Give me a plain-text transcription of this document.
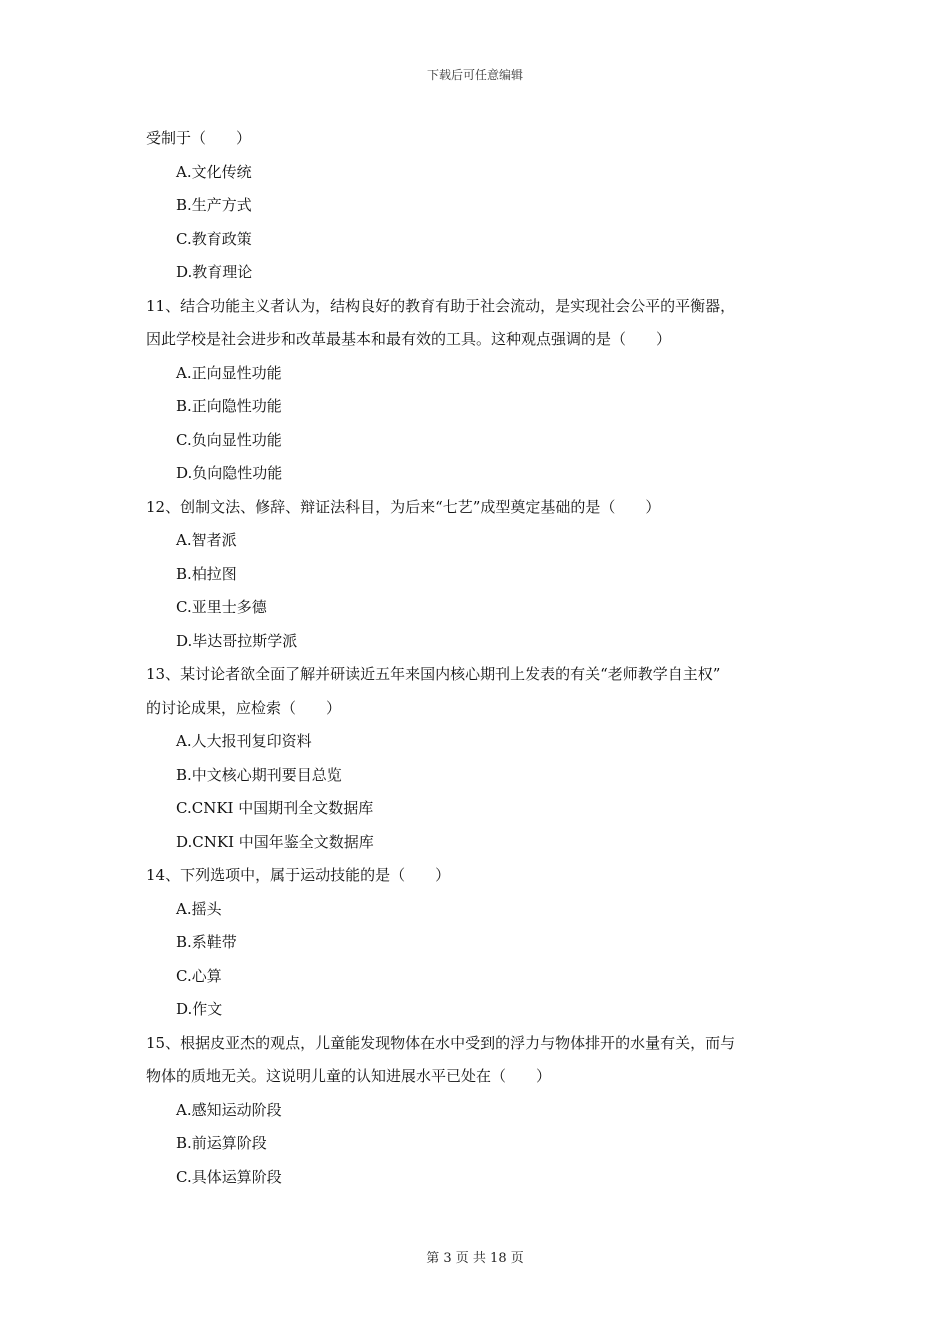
下载后可任意编辑
受制于（　　）
A.文化传统
B.生产方式
C.教育政策
D.教育理论
11、结合功能主义者认为，结构良好的教育有助于社会流动，是实现社会公平的平衡器，
因此学校是社会进步和改革最基本和最有效的工具。这种观点强调的是（　　）
A.正向显性功能
B.正向隐性功能
C.负向显性功能
D.负向隐性功能
12、创制文法、修辞、辩证法科目，为后来“七艺”成型奠定基础的是（　　）
A.智者派
B.柏拉图
C.亚里士多德
D.毕达哥拉斯学派
13、某讨论者欲全面了解并研读近五年来国内核心期刊上发表的有关“老师教学自主权”
的讨论成果，应检索（　　）
A.人大报刊复印资料
B.中文核心期刊要目总览
C.CNKI 中国期刊全文数据库
D.CNKI 中国年鉴全文数据库
14、下列选项中，属于运动技能的是（　　）
A.摇头
B.系鞋带
C.心算
D.作文
15、根据皮亚杰的观点，儿童能发现物体在水中受到的浮力与物体排开的水量有关，而与
物体的质地无关。这说明儿童的认知进展水平已处在（　　）
A.感知运动阶段
B.前运算阶段
C.具体运算阶段
第 3 页 共 18 页
